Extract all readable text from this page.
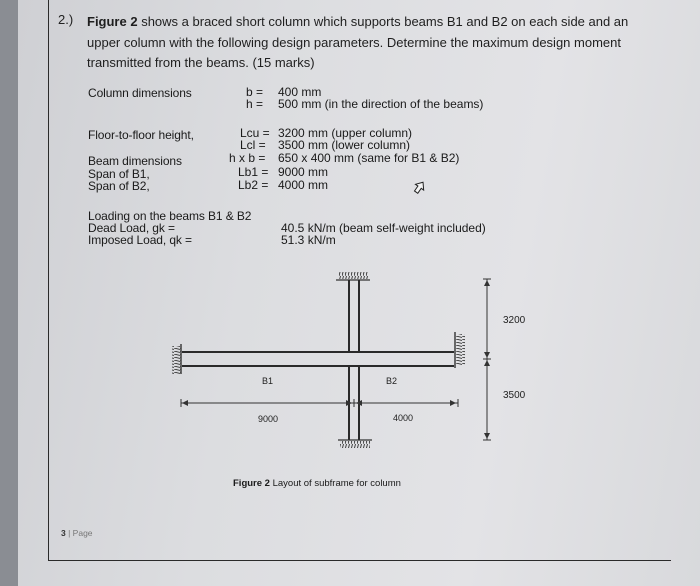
2.) Figure 2 shows a braced short column which supports beams B1 and B2 on each side and an upper column with the following design parameters. Determine the maximum design moment transmitted from the beams. (15 marks)
Column dimensions	b = 400 mm
h = 500 mm (in the direction of the beams)
Floor-to-floor height,	Lcu = 3200 mm (upper column)
Lcl = 3500 mm (lower column)
Beam dimensions	h x b = 650 x 400 mm (same for B1 & B2)
Span of B1,	Lb1 = 9000 mm
Span of B2,	Lb2 = 4000 mm
Loading on the beams B1 & B2
Dead Load, gk =	40.5 kN/m (beam self-weight included)
Imposed Load, qk =	51.3 kN/m
B1	B2
9000	4000
3200
3500
Figure 2 Layout of subframe for column
3 | Page
